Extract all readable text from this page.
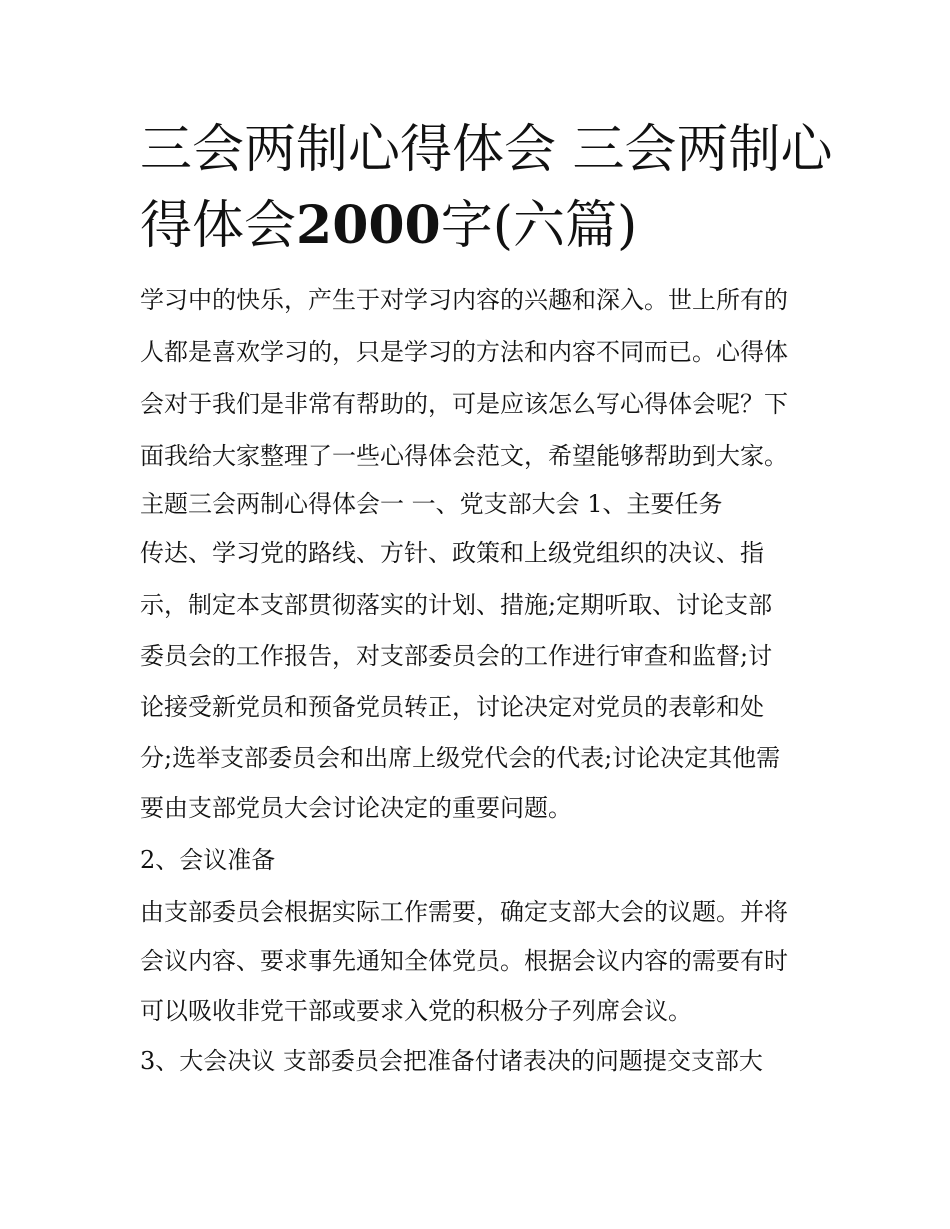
三会两制心得体会 三会两制心
得体会2000字(六篇)

学习中的快乐，产生于对学习内容的兴趣和深入。世上所有的

人都是喜欢学习的，只是学习的方法和内容不同而已。心得体

会对于我们是非常有帮助的，可是应该怎么写心得体会呢？下

面我给大家整理了一些心得体会范文，希望能够帮助到大家。

主题三会两制心得体会一 一、党支部大会 1、主要任务

传达、学习党的路线、方针、政策和上级党组织的决议、指

示，制定本支部贯彻落实的计划、措施;定期听取、讨论支部

委员会的工作报告，对支部委员会的工作进行审查和监督;讨

论接受新党员和预备党员转正，讨论决定对党员的表彰和处

分;选举支部委员会和出席上级党代会的代表;讨论决定其他需

要由支部党员大会讨论决定的重要问题。

2、会议准备

由支部委员会根据实际工作需要，确定支部大会的议题。并将

会议内容、要求事先通知全体党员。根据会议内容的需要有时

可以吸收非党干部或要求入党的积极分子列席会议。

3、大会决议 支部委员会把准备付诸表决的问题提交支部大
